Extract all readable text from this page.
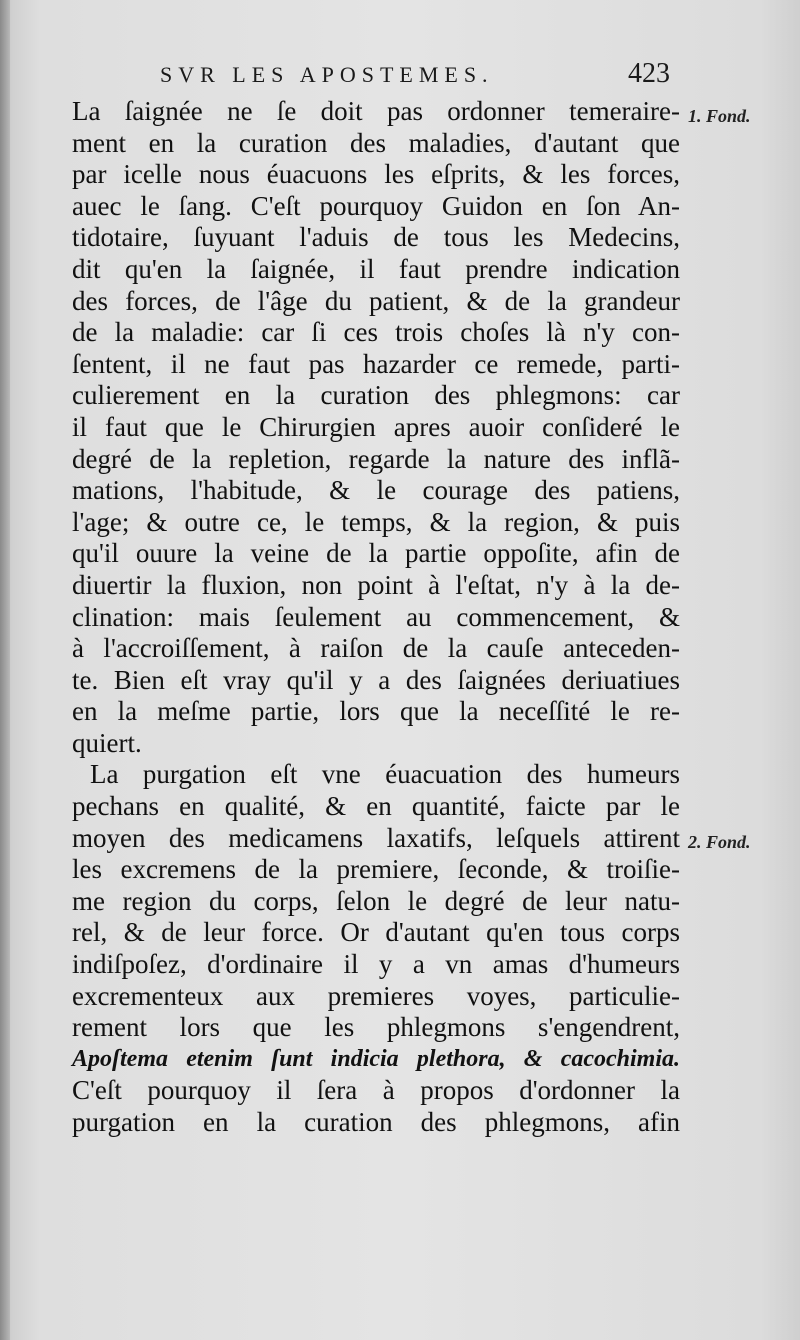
SVR LES APOSTEMES.	423
1. Fond.
2. Fond.
La ſaignée ne ſe doit pas ordonner temeraire-
ment en la curation des maladies, d'autant que
par icelle nous éuacuons les eſprits, & les forces,
auec le ſang. C'eſt pourquoy Guidon en ſon An-
tidotaire, ſuyuant l'aduis de tous les Medecins,
dit qu'en la ſaignée, il faut prendre indication
des forces, de l'âge du patient, & de la grandeur
de la maladie: car ſi ces trois choſes là n'y con-
ſentent, il ne faut pas hazarder ce remede, parti-
culierement en la curation des phlegmons: car
il faut que le Chirurgien apres auoir conſideré le
degré de la repletion, regarde la nature des inflã-
mations, l'habitude, & le courage des patiens,
l'age; & outre ce, le temps, & la region, & puis
qu'il ouure la veine de la partie oppoſite, afin de
diuertir la fluxion, non point à l'eſtat, n'y à la de-
clination: mais ſeulement au commencement, &
à l'accroiſſement, à raiſon de la cauſe anteceden-
te. Bien eſt vray qu'il y a des ſaignées deriuatiues
en la meſme partie, lors que la neceſſité le re-
quiert.
La purgation eſt vne éuacuation des humeurs
pechans en qualité, & en quantité, faicte par le
moyen des medicamens laxatifs, leſquels attirent
les excremens de la premiere, ſeconde, & troiſie-
me region du corps, ſelon le degré de leur natu-
rel, & de leur force. Or d'autant qu'en tous corps
indiſpoſez, d'ordinaire il y a vn amas d'humeurs
excrementeux aux premieres voyes, particulie-
rement lors que les phlegmons s'engendrent,
Apoſtema etenim ſunt indicia plethora, & cacochimia.
C'eſt pourquoy il ſera à propos d'ordonner la
purgation en la curation des phlegmons, afin
